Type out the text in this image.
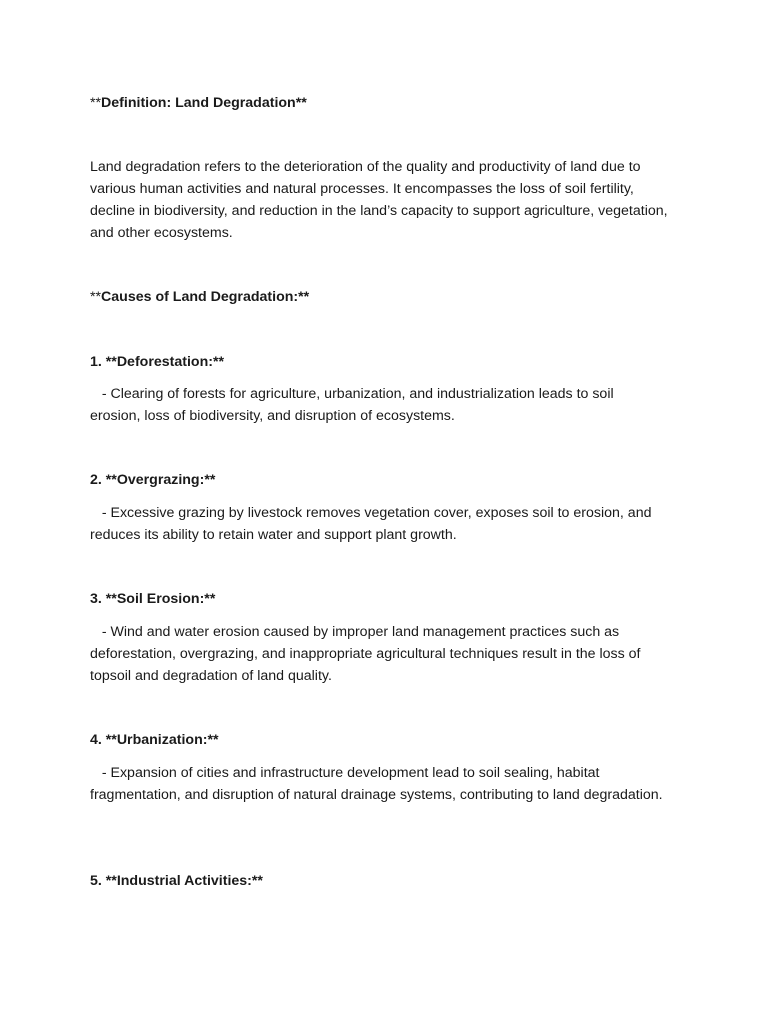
**Definition: Land Degradation**
Land degradation refers to the deterioration of the quality and productivity of land due to various human activities and natural processes. It encompasses the loss of soil fertility, decline in biodiversity, and reduction in the land’s capacity to support agriculture, vegetation, and other ecosystems.
**Causes of Land Degradation:**
1. **Deforestation:**
- Clearing of forests for agriculture, urbanization, and industrialization leads to soil erosion, loss of biodiversity, and disruption of ecosystems.
2. **Overgrazing:**
- Excessive grazing by livestock removes vegetation cover, exposes soil to erosion, and reduces its ability to retain water and support plant growth.
3. **Soil Erosion:**
- Wind and water erosion caused by improper land management practices such as deforestation, overgrazing, and inappropriate agricultural techniques result in the loss of topsoil and degradation of land quality.
4. **Urbanization:**
- Expansion of cities and infrastructure development lead to soil sealing, habitat fragmentation, and disruption of natural drainage systems, contributing to land degradation.
5. **Industrial Activities:**
